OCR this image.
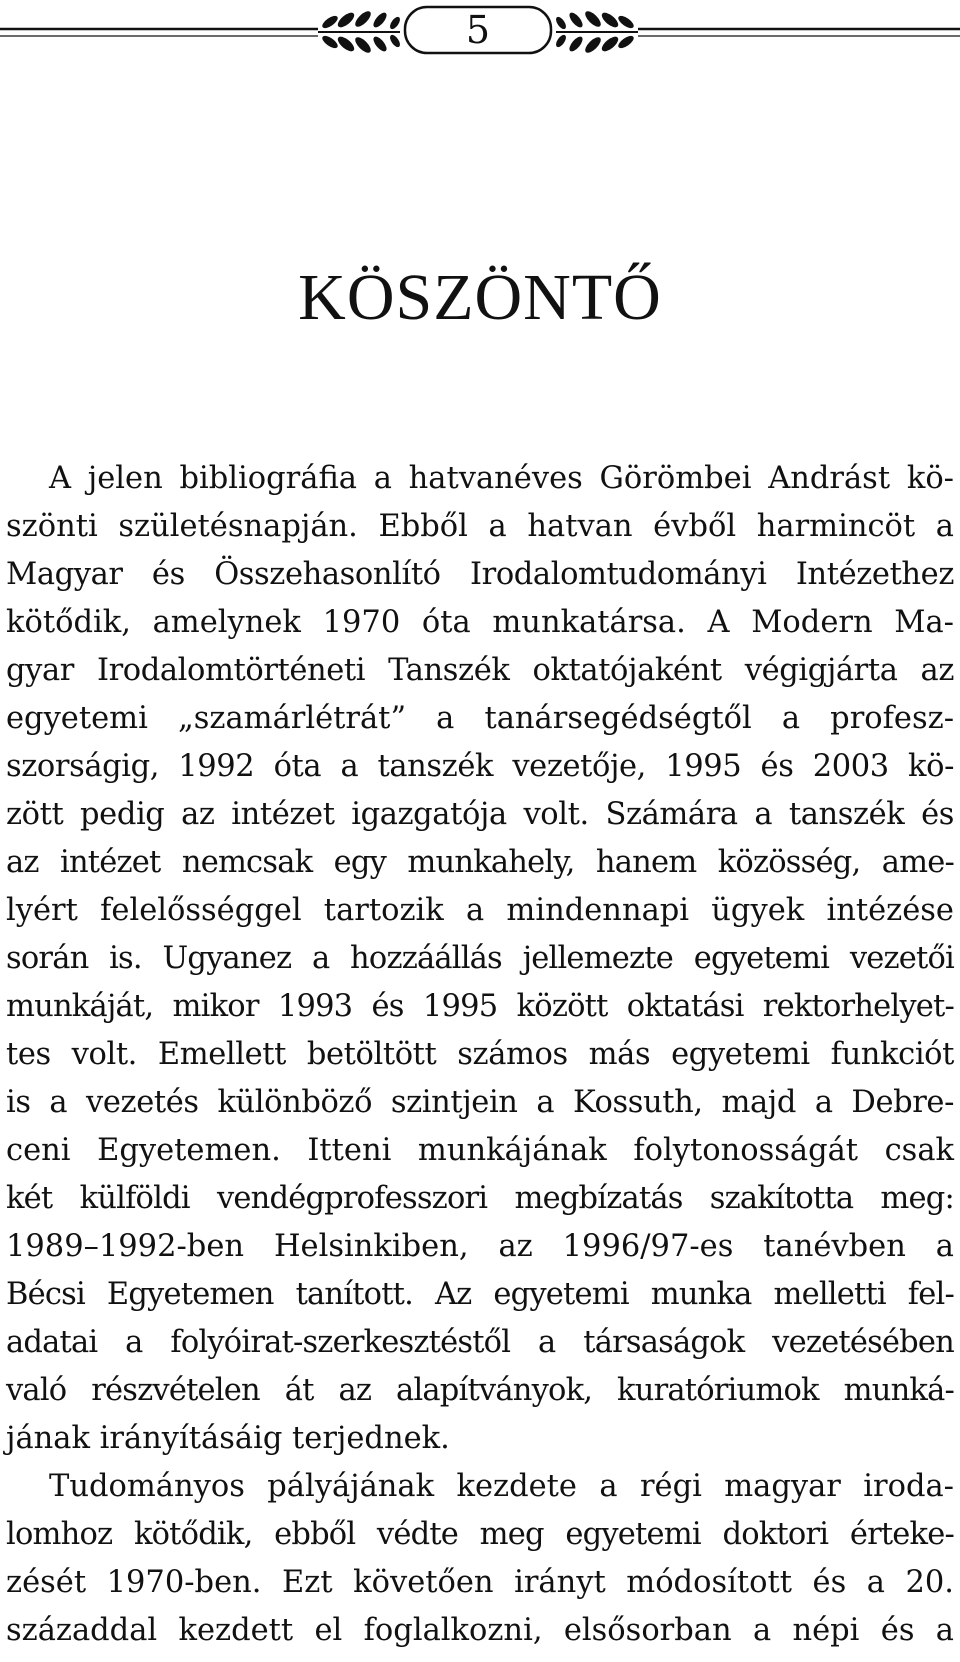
5
KÖSZÖNTŐ
A jelen bibliográfia a hatvanéves Görömbei Andrást kö-
szönti születésnapján. Ebből a hatvan évből harmincöt a
Magyar és Összehasonlító Irodalomtudományi Intézethez
kötődik, amelynek 1970 óta munkatársa. A Modern Ma-
gyar Irodalomtörténeti Tanszék oktatójaként végigjárta az
egyetemi „szamárlétrát” a tanársegédségtől a profesz-
szorságig, 1992 óta a tanszék vezetője, 1995 és 2003 kö-
zött pedig az intézet igazgatója volt. Számára a tanszék és
az intézet nemcsak egy munkahely, hanem közösség, ame-
lyért felelősséggel tartozik a mindennapi ügyek intézése
során is. Ugyanez a hozzáállás jellemezte egyetemi vezetői
munkáját, mikor 1993 és 1995 között oktatási rektorhelyet-
tes volt. Emellett betöltött számos más egyetemi funkciót
is a vezetés különböző szintjein a Kossuth, majd a Debre-
ceni Egyetemen. Itteni munkájának folytonosságát csak
két külföldi vendégprofesszori megbízatás szakította meg:
1989–1992-ben Helsinkiben, az 1996/97-es tanévben a
Bécsi Egyetemen tanított. Az egyetemi munka melletti fel-
adatai a folyóirat-szerkesztéstől a társaságok vezetésében
való részvételen át az alapítványok, kuratóriumok munká-
jának irányításáig terjednek.
Tudományos pályájának kezdete a régi magyar iroda-
lomhoz kötődik, ebből védte meg egyetemi doktori érteke-
zését 1970-ben. Ezt követően irányt módosított és a 20.
századdal kezdett el foglalkozni, elsősorban a népi és a
